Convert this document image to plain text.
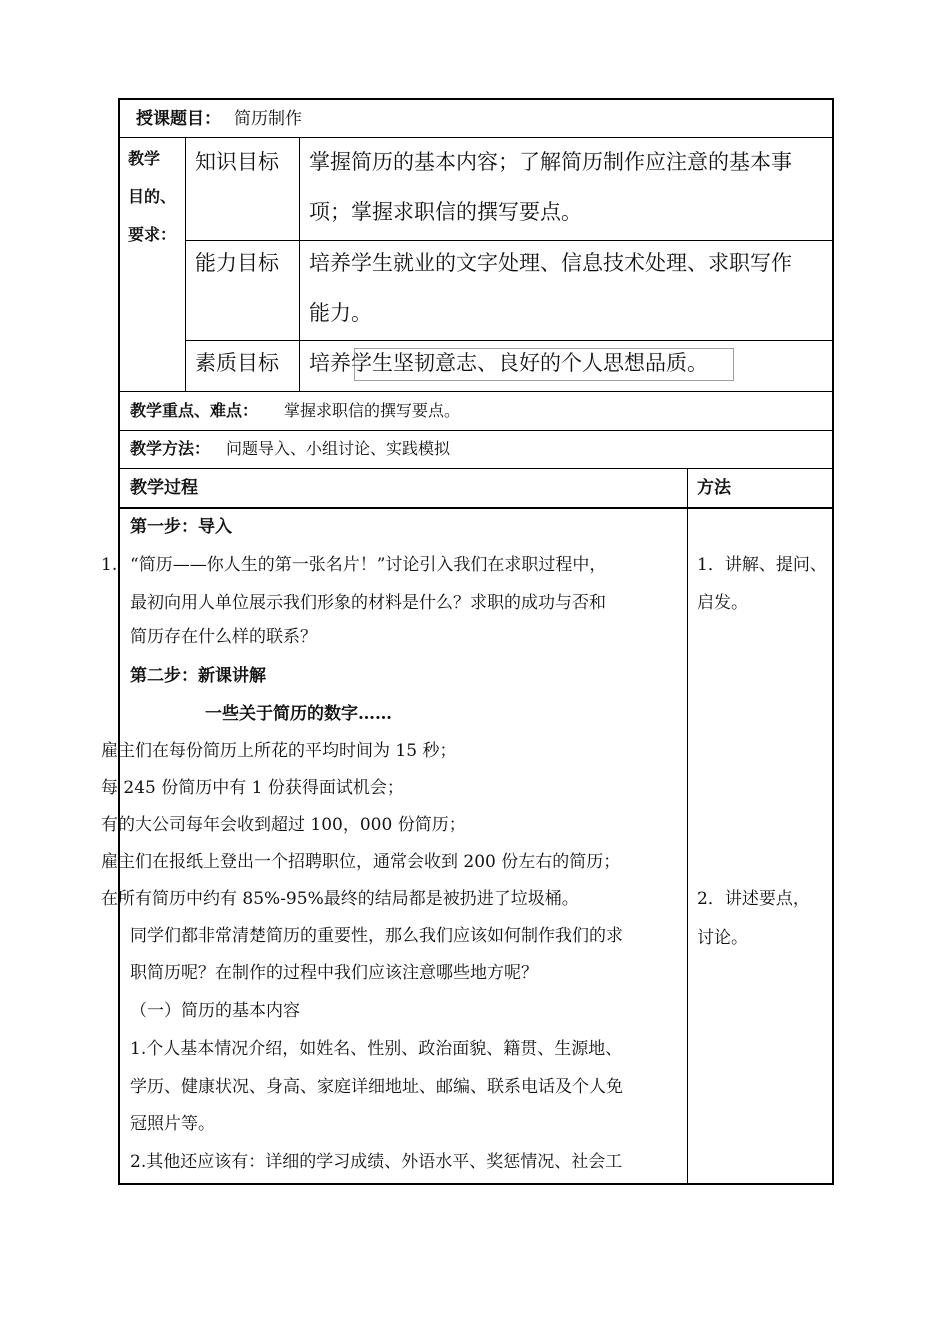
授课题目： 简历制作
教学
目的、
要求：
知识目标 掌握简历的基本内容；了解简历制作应注意的基本事
项；掌握求职信的撰写要点。
能力目标 培养学生就业的文字处理、信息技术处理、求职写作
能力。
素质目标 培养学生坚韧意志、良好的个人思想品质。
教学重点、难点： 掌握求职信的撰写要点。
教学方法： 问题导入、小组讨论、实践模拟
教学过程	方法
第一步：导入
1. “简历——你人生的第一张名片！”讨论引入我们在求职过程中，
最初向用人单位展示我们形象的材料是什么？求职的成功与否和
简历存在什么样的联系？
第二步：新课讲解
一些关于简历的数字……
雇主们在每份简历上所花的平均时间为 15 秒；
每 245 份简历中有 1 份获得面试机会；
有的大公司每年会收到超过 100，000 份简历；
雇主们在报纸上登出一个招聘职位，通常会收到 200 份左右的简历；
在所有简历中约有 85%-95%最终的结局都是被扔进了垃圾桶。
同学们都非常清楚简历的重要性，那么我们应该如何制作我们的求
职简历呢？在制作的过程中我们应该注意哪些地方呢？
（一）简历的基本内容
1.个人基本情况介绍，如姓名、性别、政治面貌、籍贯、生源地、
学历、健康状况、身高、家庭详细地址、邮编、联系电话及个人免
冠照片等。
2.其他还应该有：详细的学习成绩、外语水平、奖惩情况、社会工
1．讲解、提问、
启发。
2．讲述要点，
讨论。
